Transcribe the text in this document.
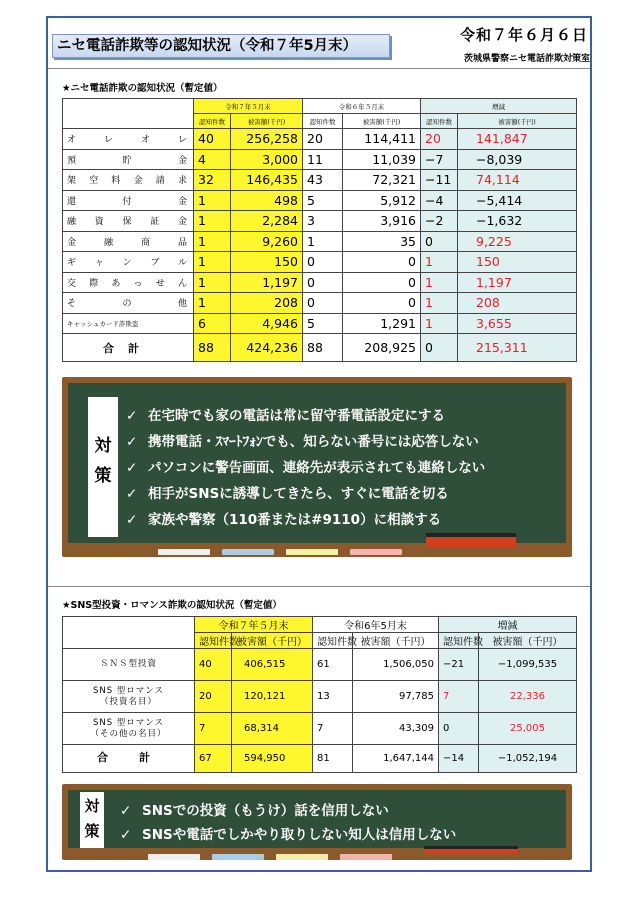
ニセ電話詐欺等の認知状況（令和７年5月末）
令和７年６月６日
茨城県警察ニセ電話詐欺対策室
★ニセ電話詐欺の認知状況（暫定値）
	令和７年５月末		令和６年５月末		増減	
	認知件数	被害額(千円)	認知件数	被害額(千円)	認知件数	被害額(千円)
オレオレ	40	256,258	20	114,411	20	141,847
預貯金	4	3,000	11	11,039	−7	−8,039
架空料金請求	32	146,435	43	72,321	−11	74,114
還付金	1	498	5	5,912	−4	−5,414
融資保証金	1	2,284	3	3,916	−2	−1,632
金融商品	1	9,260	1	35	0	9,225
ギャンブル	1	150	0	0	1	150
交際あっせん	1	1,197	0	0	1	1,197
その他	1	208	0	0	1	208
キャッシュカード詐欺盗	6	4,946	5	1,291	1	3,655
合計	88	424,236	88	208,925	0	215,311
対策
✓ 在宅時でも家の電話は常に留守番電話設定にする
✓ 携帯電話・ｽﾏｰﾄﾌｫﾝでも、知らない番号には応答しない
✓ パソコンに警告画面、連絡先が表示されても連絡しない
✓ 相手がSNSに誘導してきたら、すぐに電話を切る
✓ 家族や警察（110番または#9110）に相談する
★SNS型投資・ロマンス詐欺の認知状況（暫定値）
	令和７年５月末		令和6年5月末		増減	
	認知件数	被害額（千円）	認知件数	被害額（千円）	認知件数	被害額（千円）

ＳＮＳ型投資	40	406,515	61	1,506,050	−21	−1,099,535

SNS 型ロマンス
（投資名目）	20	120,121	13	97,785	7	22,336

SNS 型ロマンス
（その他の名目）	7	68,314	7	43,309	0	25,005
合　計	67	594,950	81	1,647,144	−14	−1,052,194
対策
✓ SNSでの投資（もうけ）話を信用しない
✓ SNSや電話でしかやり取りしない知人は信用しない
